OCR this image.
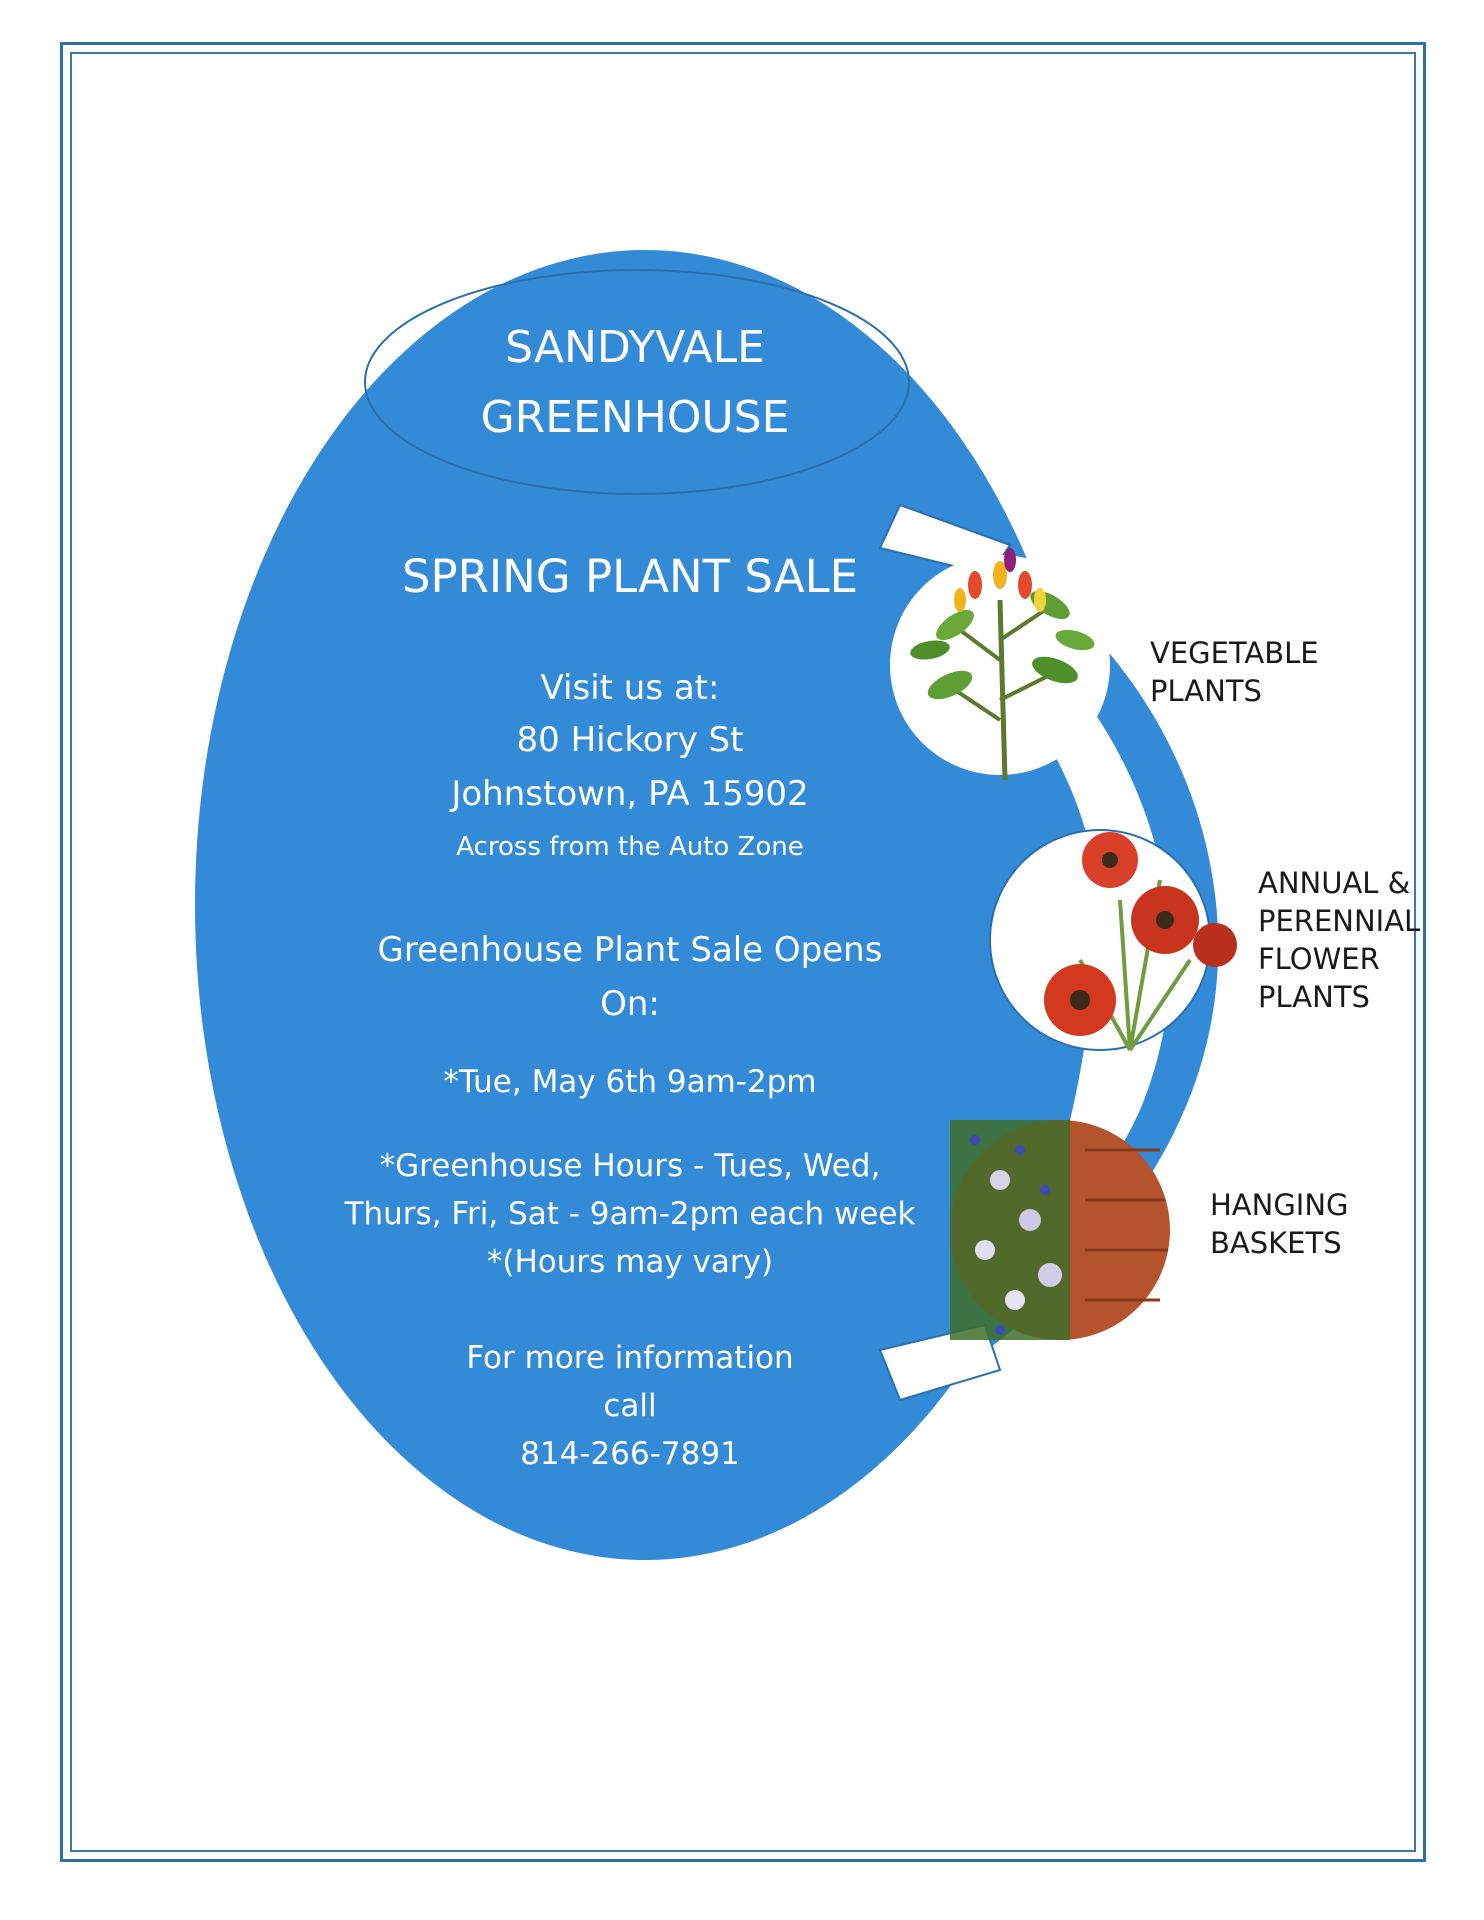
SANDYVALE
GREENHOUSE
SPRING PLANT SALE
Visit us at:
80 Hickory St
Johnstown, PA 15902
Across from the Auto Zone
Greenhouse Plant Sale Opens
On:
*Tue, May 6th 9am-2pm
*Greenhouse Hours - Tues, Wed,
Thurs, Fri, Sat - 9am-2pm each week
*(Hours may vary)
For more information
call
814-266-7891
VEGETABLE
PLANTS
ANNUAL &
PERENNIAL
FLOWER
PLANTS
HANGING
BASKETS
